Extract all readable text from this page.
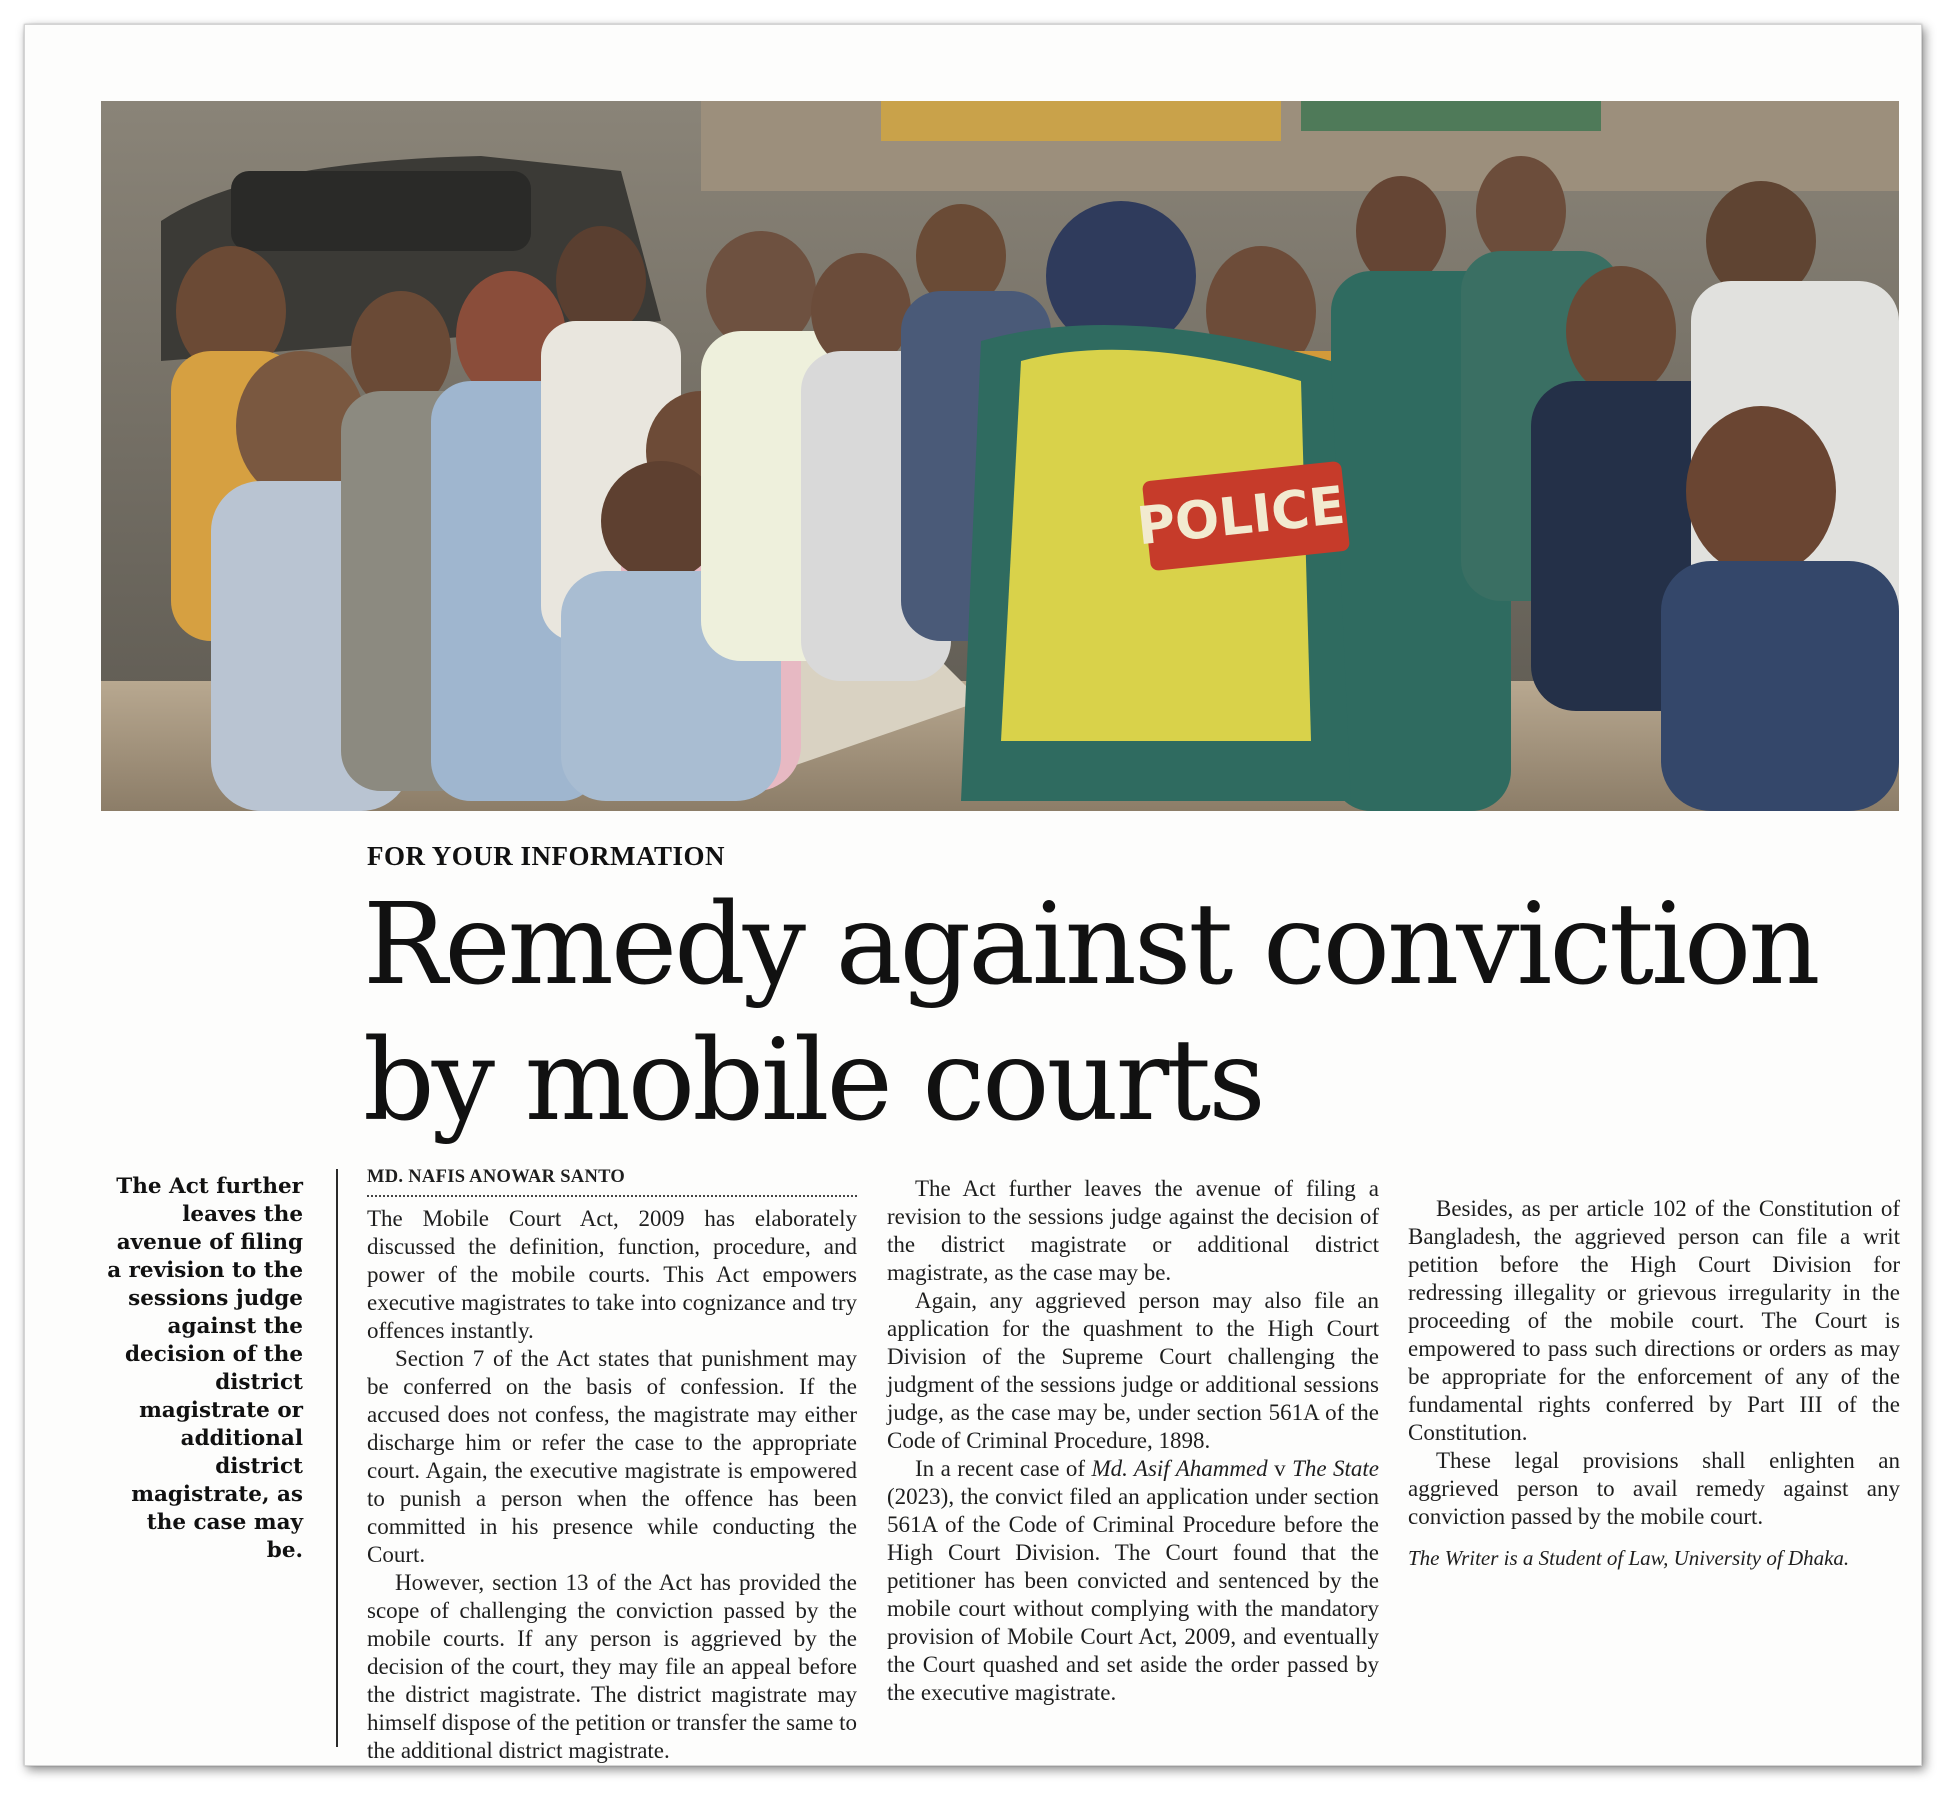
POLICE
FOR YOUR INFORMATION
Remedy against conviction
by mobile courts
The Act further leaves the avenue of filing a revision to the sessions judge against the decision of the district magistrate or additional district magistrate, as the case may be.
MD. NAFIS ANOWAR SANTO

The Mobile Court Act, 2009 has elaborately discussed the definition, function, procedure, and power of the mobile courts. This Act empowers executive magistrates to take into cognizance and try offences instantly.

Section 7 of the Act states that punishment may be conferred on the basis of confession. If the accused does not confess, the magistrate may either discharge him or refer the case to the appropriate court. Again, the executive magistrate is empowered to punish a person when the offence has been committed in his presence while conducting the Court.

However, section 13 of the Act has provided the scope of challenging the conviction passed by the mobile courts. If any person is aggrieved by the decision of the court, they may file an appeal before the district magistrate. The district magistrate may himself dispose of the petition or transfer the same to the additional district magistrate.

The Act further leaves the avenue of filing a revision to the sessions judge against the decision of the district magistrate or additional district magistrate, as the case may be.

Again, any aggrieved person may also file an application for the quashment to the High Court Division of the Supreme Court challenging the judgment of the sessions judge or additional sessions judge, as the case may be, under section 561A of the Code of Criminal Procedure, 1898.

In a recent case of Md. Asif Ahammed v The State (2023), the convict filed an application under section 561A of the Code of Criminal Procedure before the High Court Division. The Court found that the petitioner has been convicted and sentenced by the mobile court without complying with the mandatory provision of Mobile Court Act, 2009, and eventually the Court quashed and set aside the order passed by the executive magistrate.

Besides, as per article 102 of the Constitution of Bangladesh, the aggrieved person can file a writ petition before the High Court Division for redressing illegality or grievous irregularity in the proceeding of the mobile court. The Court is empowered to pass such directions or orders as may be appropriate for the enforcement of any of the fundamental rights conferred by Part III of the Constitution.

These legal provisions shall enlighten an aggrieved person to avail remedy against any conviction passed by the mobile court.

The Writer is a Student of Law, University of Dhaka.
